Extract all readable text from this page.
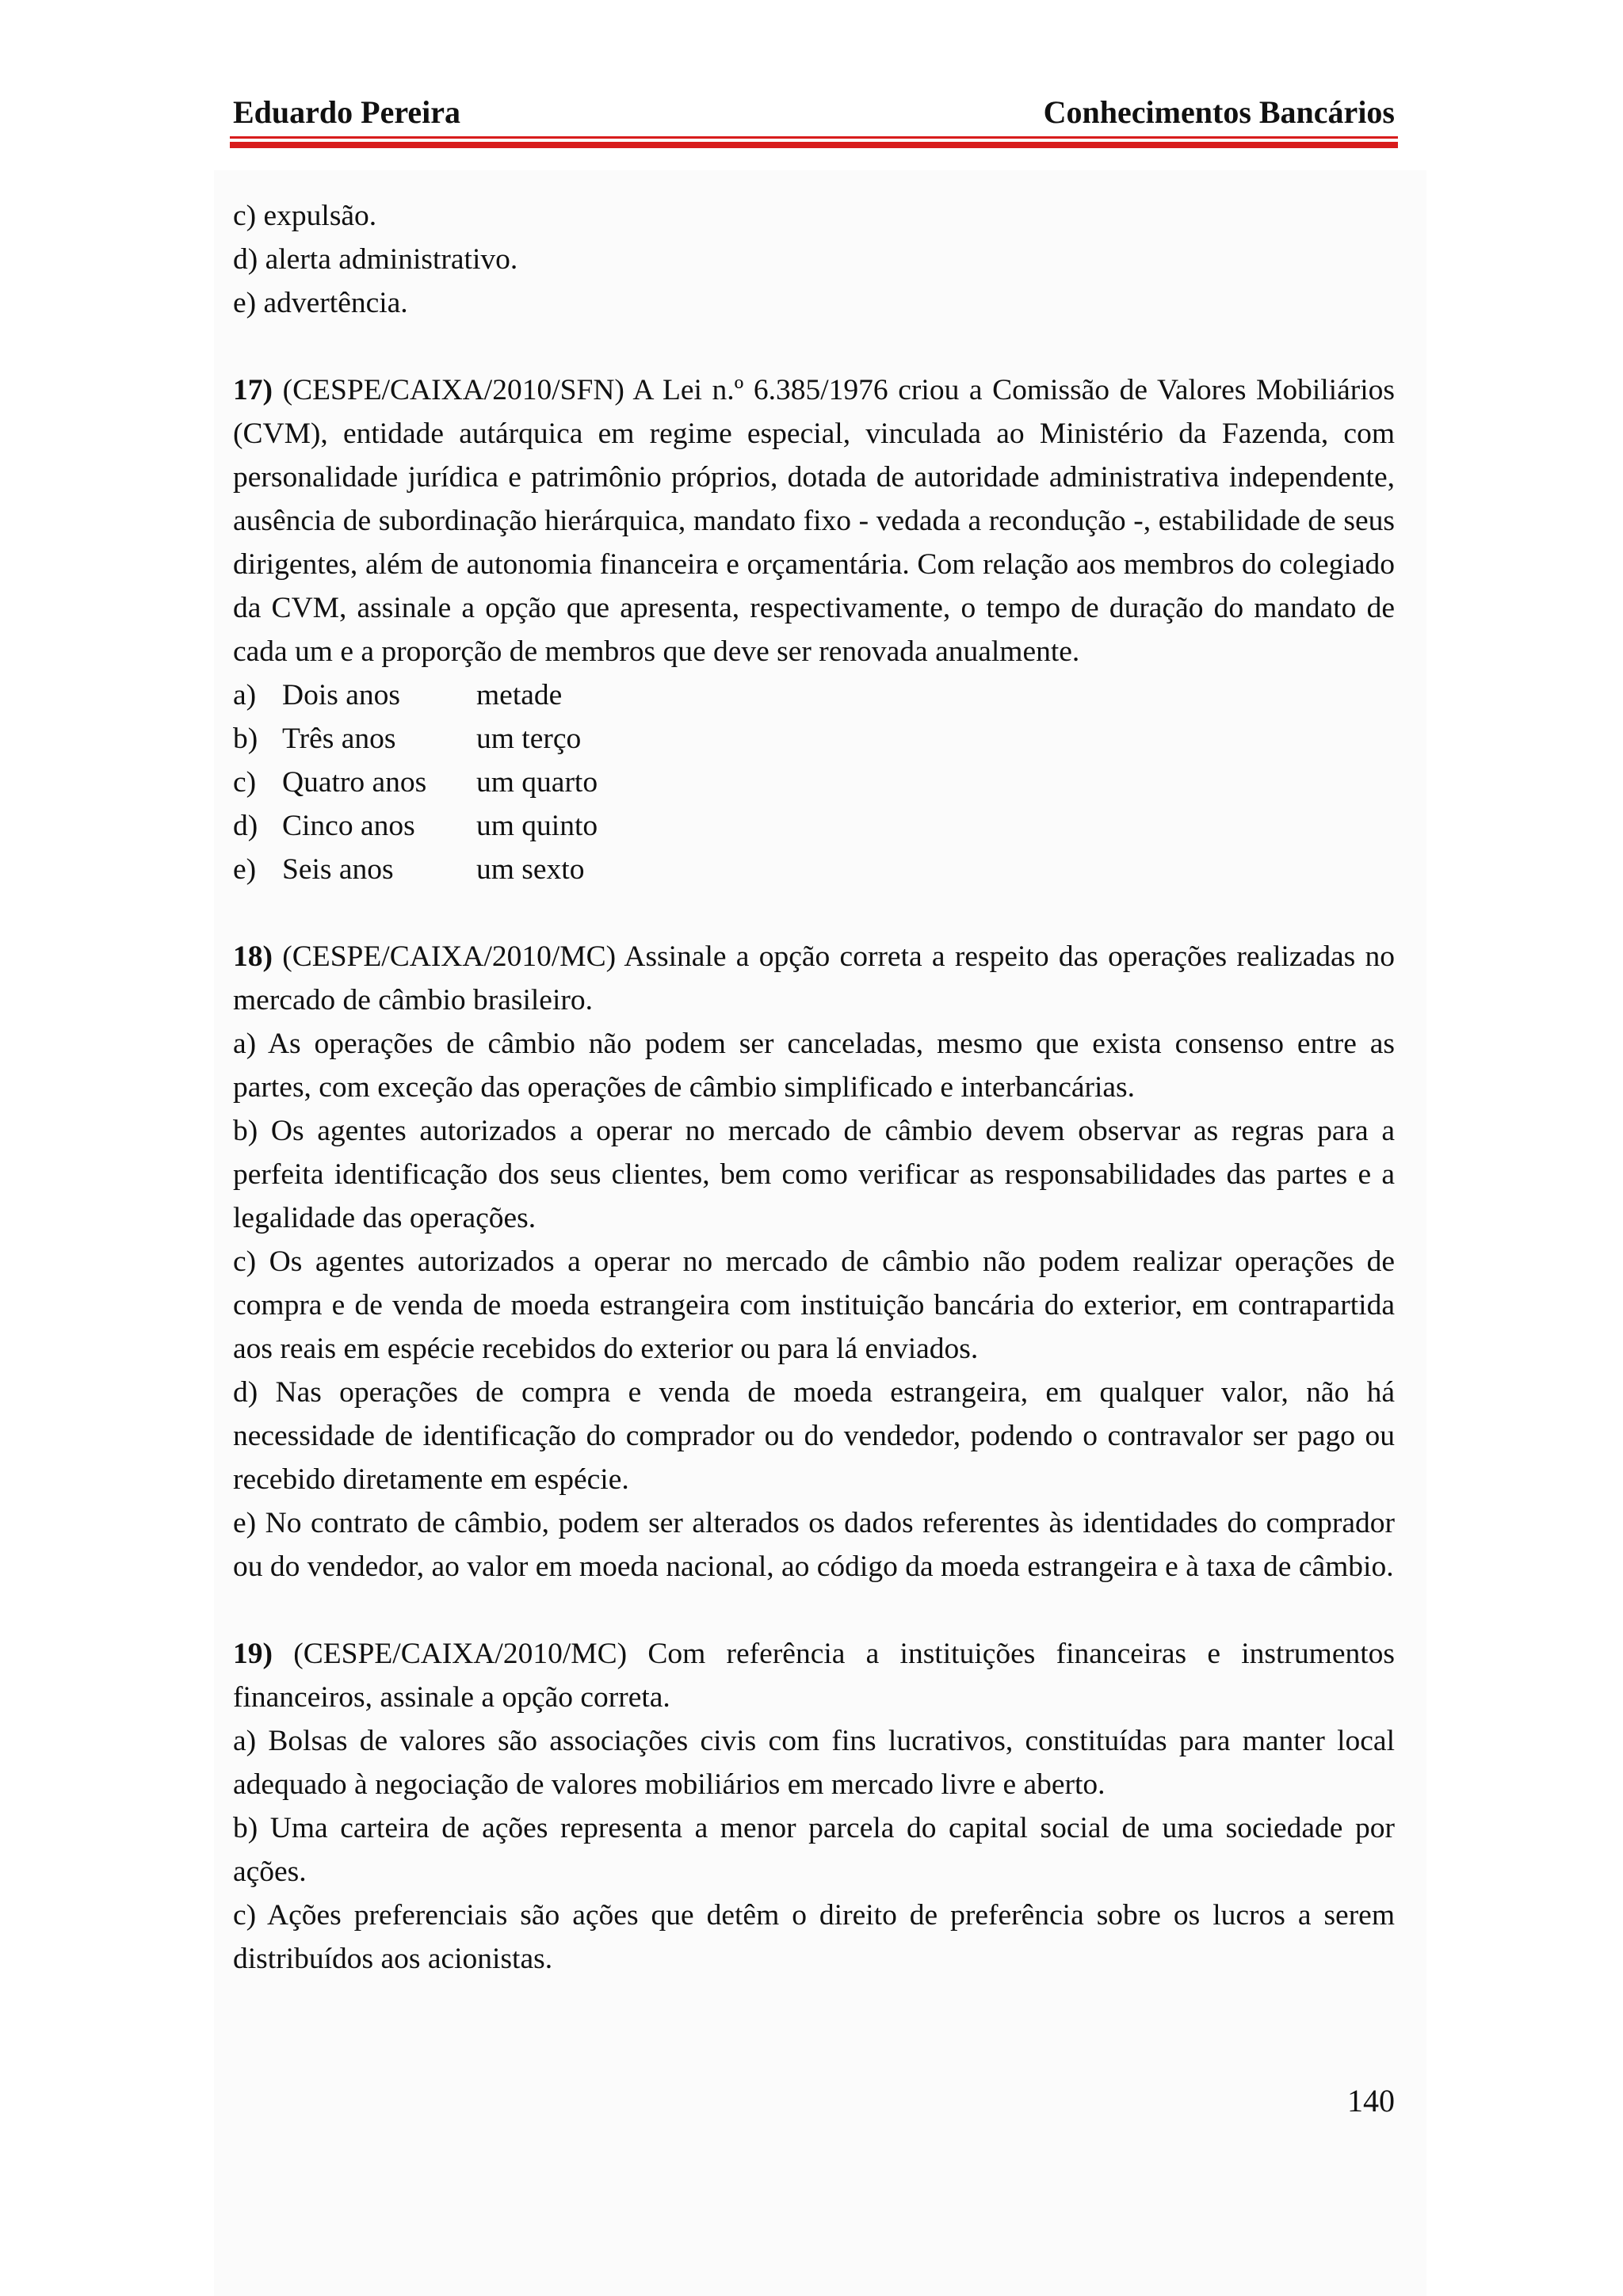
Eduardo Pereira	Conhecimentos Bancários

c) expulsão.

d) alerta administrativo.

e) advertência.

17) (CESPE/CAIXA/2010/SFN) A Lei n.º 6.385/1976 criou a Comissão de Valores Mobiliários (CVM), entidade autárquica em regime especial, vinculada ao Ministério da Fazenda, com personalidade jurídica e patrimônio próprios, dotada de autoridade administrativa independente, ausência de subordinação hierárquica, mandato fixo - vedada a recondução -, estabilidade de seus dirigentes, além de autonomia financeira e orçamentária. Com relação aos membros do colegiado da CVM, assinale a opção que apresenta, respectivamente, o tempo de duração do mandato de cada um e a proporção de membros que deve ser renovada anualmente.

a) Dois anos	metade
b) Três anos	um terço
c) Quatro anos	um quarto
d) Cinco anos	um quinto
e) Seis anos	um sexto

18) (CESPE/CAIXA/2010/MC) Assinale a opção correta a respeito das operações realizadas no mercado de câmbio brasileiro.

a) As operações de câmbio não podem ser canceladas, mesmo que exista consenso entre as partes, com exceção das operações de câmbio simplificado e interbancárias.

b) Os agentes autorizados a operar no mercado de câmbio devem observar as regras para a perfeita identificação dos seus clientes, bem como verificar as responsabilidades das partes e a legalidade das operações.

c) Os agentes autorizados a operar no mercado de câmbio não podem realizar operações de compra e de venda de moeda estrangeira com instituição bancária do exterior, em contrapartida aos reais em espécie recebidos do exterior ou para lá enviados.

d) Nas operações de compra e venda de moeda estrangeira, em qualquer valor, não há necessidade de identificação do comprador ou do vendedor, podendo o contravalor ser pago ou recebido diretamente em espécie.

e) No contrato de câmbio, podem ser alterados os dados referentes às identidades do comprador ou do vendedor, ao valor em moeda nacional, ao código da moeda estrangeira e à taxa de câmbio.

19) (CESPE/CAIXA/2010/MC) Com referência a instituições financeiras e instrumentos financeiros, assinale a opção correta.

a) Bolsas de valores são associações civis com fins lucrativos, constituídas para manter local adequado à negociação de valores mobiliários em mercado livre e aberto.

b) Uma carteira de ações representa a menor parcela do capital social de uma sociedade por ações.

c) Ações preferenciais são ações que detêm o direito de preferência sobre os lucros a serem distribuídos aos acionistas.

140
